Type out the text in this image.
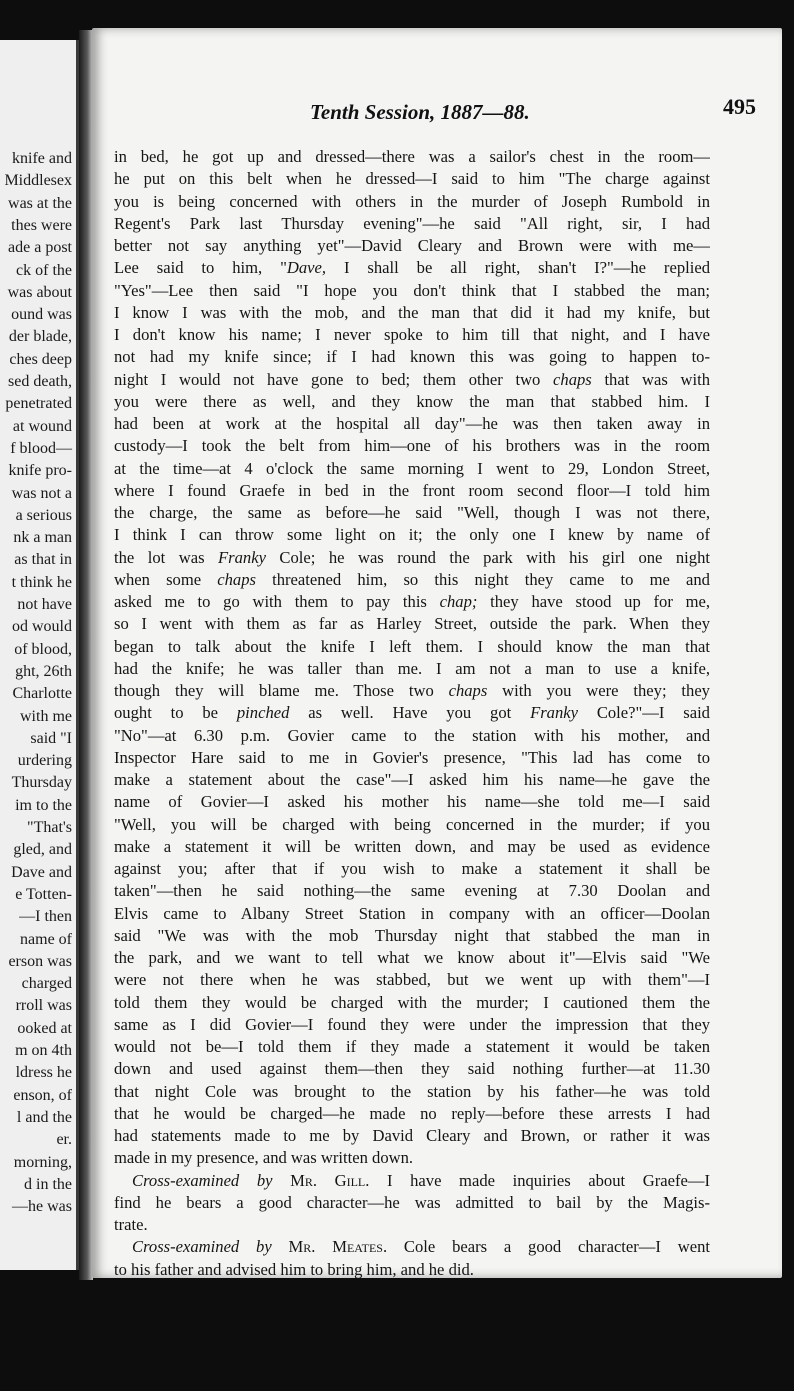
knife and
Middlesex
was at the
thes were
ade a post
ck of the
was about
ound was
der blade,
ches deep
sed death,
penetrated
at wound
f blood—
knife pro-
was not a
a serious
nk a man
as that in
t think he
not have
od would
of blood,
ght, 26th
Charlotte
with me
said "I
urdering
Thursday
im to the
"That's
gled, and
Dave and
e Totten-
—I then
name of
erson was
charged
rroll was
ooked at
m on 4th
ldress he
enson, of
l and the
er.
morning,
d in the
—he was
Tenth Session, 1887—88.	495
in bed, he got up and dressed—there was a sailor's chest in the room—
he put on this belt when he dressed—I said to him "The charge against
you is being concerned with others in the murder of Joseph Rumbold in
Regent's Park last Thursday evening"—he said "All right, sir, I had
better not say anything yet"—David Cleary and Brown were with me—
Lee said to him, "Dave, I shall be all right, shan't I?"—he replied
"Yes"—Lee then said "I hope you don't think that I stabbed the man;
I know I was with the mob, and the man that did it had my knife, but
I don't know his name; I never spoke to him till that night, and I have
not had my knife since; if I had known this was going to happen to-
night I would not have gone to bed; them other two chaps that was with
you were there as well, and they know the man that stabbed him. I
had been at work at the hospital all day"—he was then taken away in
custody—I took the belt from him—one of his brothers was in the room
at the time—at 4 o'clock the same morning I went to 29, London Street,
where I found Graefe in bed in the front room second floor—I told him
the charge, the same as before—he said "Well, though I was not there,
I think I can throw some light on it; the only one I knew by name of
the lot was Franky Cole; he was round the park with his girl one night
when some chaps threatened him, so this night they came to me and
asked me to go with them to pay this chap; they have stood up for me,
so I went with them as far as Harley Street, outside the park. When they
began to talk about the knife I left them. I should know the man that
had the knife; he was taller than me. I am not a man to use a knife,
though they will blame me. Those two chaps with you were they; they
ought to be pinched as well. Have you got Franky Cole?"—I said
"No"—at 6.30 p.m. Govier came to the station with his mother, and
Inspector Hare said to me in Govier's presence, "This lad has come to
make a statement about the case"—I asked him his name—he gave the
name of Govier—I asked his mother his name—she told me—I said
"Well, you will be charged with being concerned in the murder; if you
make a statement it will be written down, and may be used as evidence
against you; after that if you wish to make a statement it shall be
taken"—then he said nothing—the same evening at 7.30 Doolan and
Elvis came to Albany Street Station in company with an officer—Doolan
said "We was with the mob Thursday night that stabbed the man in
the park, and we want to tell what we know about it"—Elvis said "We
were not there when he was stabbed, but we went up with them"—I
told them they would be charged with the murder; I cautioned them the
same as I did Govier—I found they were under the impression that they
would not be—I told them if they made a statement it would be taken
down and used against them—then they said nothing further—at 11.30
that night Cole was brought to the station by his father—he was told
that he would be charged—he made no reply—before these arrests I had
had statements made to me by David Cleary and Brown, or rather it was
made in my presence, and was written down.
Cross-examined by Mr. Gill. I have made inquiries about Graefe—I
find he bears a good character—he was admitted to bail by the Magis-
trate.
Cross-examined by Mr. Meates. Cole bears a good character—I went
to his father and advised him to bring him, and he did.
